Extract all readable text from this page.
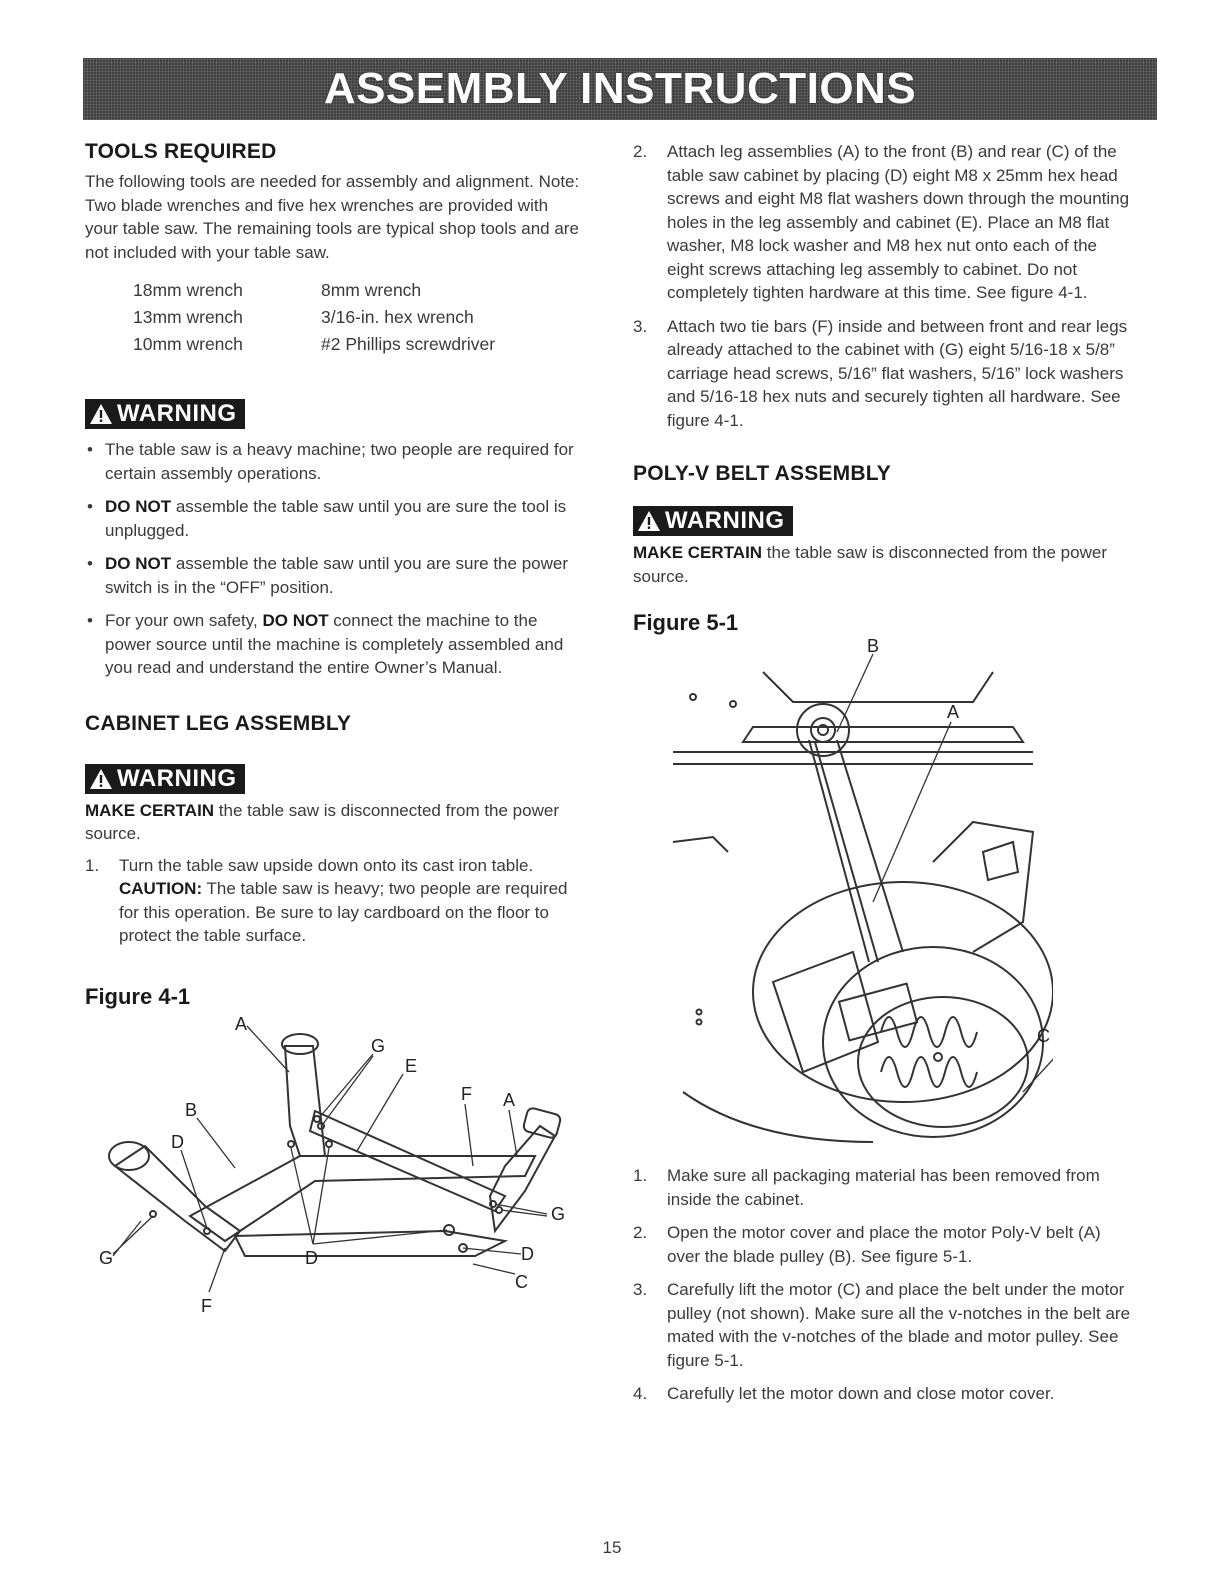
ASSEMBLY INSTRUCTIONS
TOOLS REQUIRED

The following tools are needed for assembly and alignment. Note: Two blade wrenches and five hex wrenches are provided with your table saw. The remaining tools are typical shop tools and are not included with your table saw.

18mm wrench	8mm wrench
13mm wrench	3/16-in. hex wrench
10mm wrench	#2 Phillips screwdriver
WARNING
• The table saw is a heavy machine; two people are required for certain assembly operations.
• DO NOT assemble the table saw until you are sure the tool is unplugged.
• DO NOT assemble the table saw until you are sure the power switch is in the “OFF” position.
• For your own safety, DO NOT connect the machine to the power source until the machine is completely assembled and you read and understand the entire Owner’s Manual.
CABINET LEG ASSEMBLY
WARNING

MAKE CERTAIN the table saw is disconnected from the power source.

1. Turn the table saw upside down onto its cast iron table. CAUTION: The table saw is heavy; two people are required for this operation. Be sure to lay cardboard on the floor to protect the table surface.
Figure 4-1
A
G
E
F A
B
D
G
G	D	D
C
F
2. Attach leg assemblies (A) to the front (B) and rear (C) of the table saw cabinet by placing (D) eight M8 x 25mm hex head screws and eight M8 flat washers down through the mounting holes in the leg assembly and cabinet (E). Place an M8 flat washer, M8 lock washer and M8 hex nut onto each of the eight screws attaching leg assembly to cabinet. Do not completely tighten hardware at this time. See figure 4-1.
3. Attach two tie bars (F) inside and between front and rear legs already attached to the cabinet with (G) eight 5/16-18 x 5/8” carriage head screws, 5/16” flat washers, 5/16” lock washers and 5/16-18 hex nuts and securely tighten all hardware. See figure 4-1.
POLY-V BELT ASSEMBLY
WARNING

MAKE CERTAIN the table saw is disconnected from the power source.

Figure 5-1
B
A
C
1. Make sure all packaging material has been removed from inside the cabinet.
2. Open the motor cover and place the motor Poly-V belt (A) over the blade pulley (B). See figure 5-1.
3. Carefully lift the motor (C) and place the belt under the motor pulley (not shown). Make sure all the v-notches in the belt are mated with the v-notches of the blade and motor pulley. See figure 5-1.
4. Carefully let the motor down and close motor cover.
15
